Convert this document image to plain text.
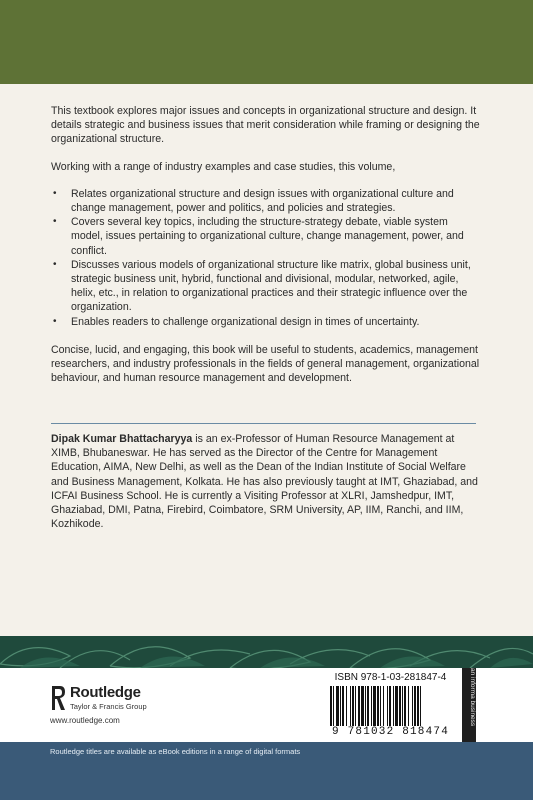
This textbook explores major issues and concepts in organizational structure and design. It details strategic and business issues that merit consideration while framing or designing the organizational structure.

Working with a range of industry examples and case studies, this volume,

• Relates organizational structure and design issues with organizational culture and change management, power and politics, and policies and strategies.
• Covers several key topics, including the structure-strategy debate, viable system model, issues pertaining to organizational culture, change management, power, and conflict.
• Discusses various models of organizational structure like matrix, global business unit, strategic business unit, hybrid, functional and divisional, modular, networked, agile, helix, etc., in relation to organizational practices and their strategic influence over the organization.
• Enables readers to challenge organizational design in times of uncertainty.

Concise, lucid, and engaging, this book will be useful to students, academics, management researchers, and industry professionals in the fields of general management, organizational behaviour, and human resource management and development.

Dipak Kumar Bhattacharyya is an ex-Professor of Human Resource Management at XIMB, Bhubaneswar. He has served as the Director of the Centre for Management Education, AIMA, New Delhi, as well as the Dean of the Indian Institute of Social Welfare and Business Management, Kolkata. He has also previously taught at IMT, Ghaziabad, and ICFAI Business School. He is currently a Visiting Professor at XLRI, Jamshedpur, IMT, Ghaziabad, DMI, Patna, Firebird, Coimbatore, SRM University, AP, IIM, Ranchi, and IIM, Kozhikode.
Routledge
Taylor & Francis Group
www.routledge.com
ISBN 978-1-03-281847-4
9 781032 818474
an informa business
Routledge titles are available as eBook editions in a range of digital formats
